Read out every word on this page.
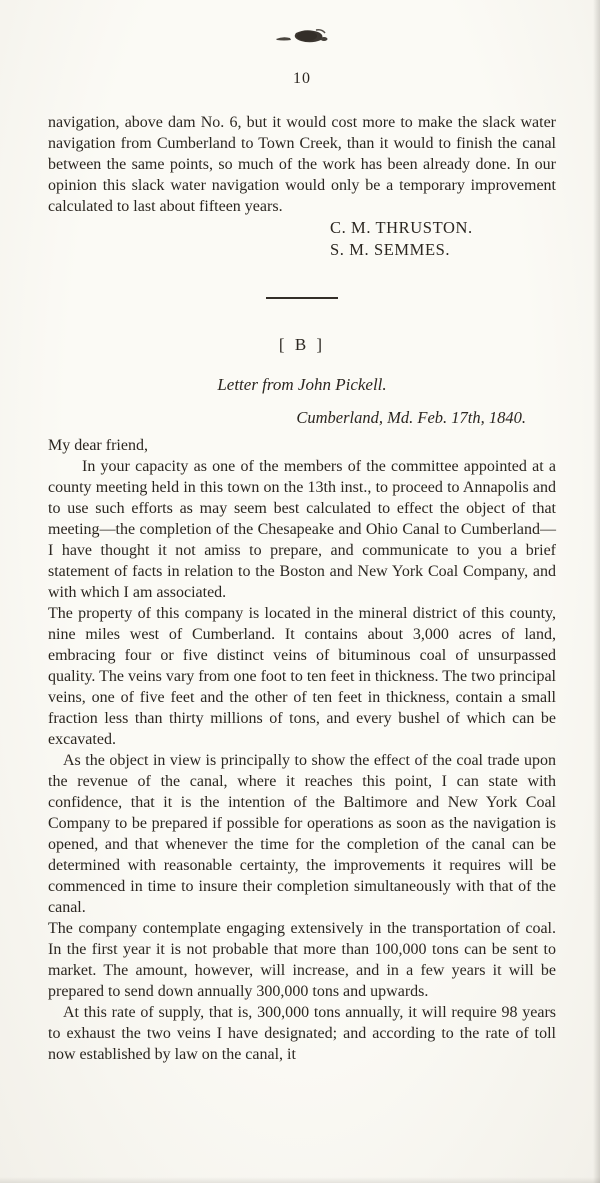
10

navigation, above dam No. 6, but it would cost more to make the slack water navigation from Cumberland to Town Creek, than it would to finish the canal between the same points, so much of the work has been already done. In our opinion this slack water navigation would only be a temporary improvement calculated to last about fifteen years.

C. M. THRUSTON.
S. M. SEMMES.
[ B ]
Letter from John Pickell.
Cumberland, Md. Feb. 17th, 1840.
My dear friend,

In your capacity as one of the members of the committee appointed at a county meeting held in this town on the 13th inst., to proceed to Annapolis and to use such efforts as may seem best calculated to effect the object of that meeting—the completion of the Chesapeake and Ohio Canal to Cumberland—I have thought it not amiss to prepare, and communicate to you a brief statement of facts in relation to the Boston and New York Coal Company, and with which I am associated.

The property of this company is located in the mineral district of this county, nine miles west of Cumberland. It contains about 3,000 acres of land, embracing four or five distinct veins of bituminous coal of unsurpassed quality. The veins vary from one foot to ten feet in thickness. The two principal veins, one of five feet and the other of ten feet in thickness, contain a small fraction less than thirty millions of tons, and every bushel of which can be excavated.

As the object in view is principally to show the effect of the coal trade upon the revenue of the canal, where it reaches this point, I can state with confidence, that it is the intention of the Baltimore and New York Coal Company to be prepared if possible for operations as soon as the navigation is opened, and that whenever the time for the completion of the canal can be determined with reasonable certainty, the improvements it requires will be commenced in time to insure their completion simultaneously with that of the canal.

The company contemplate engaging extensively in the transportation of coal. In the first year it is not probable that more than 100,000 tons can be sent to market. The amount, however, will increase, and in a few years it will be prepared to send down annually 300,000 tons and upwards.

At this rate of supply, that is, 300,000 tons annually, it will require 98 years to exhaust the two veins I have designated; and according to the rate of toll now established by law on the canal, it
